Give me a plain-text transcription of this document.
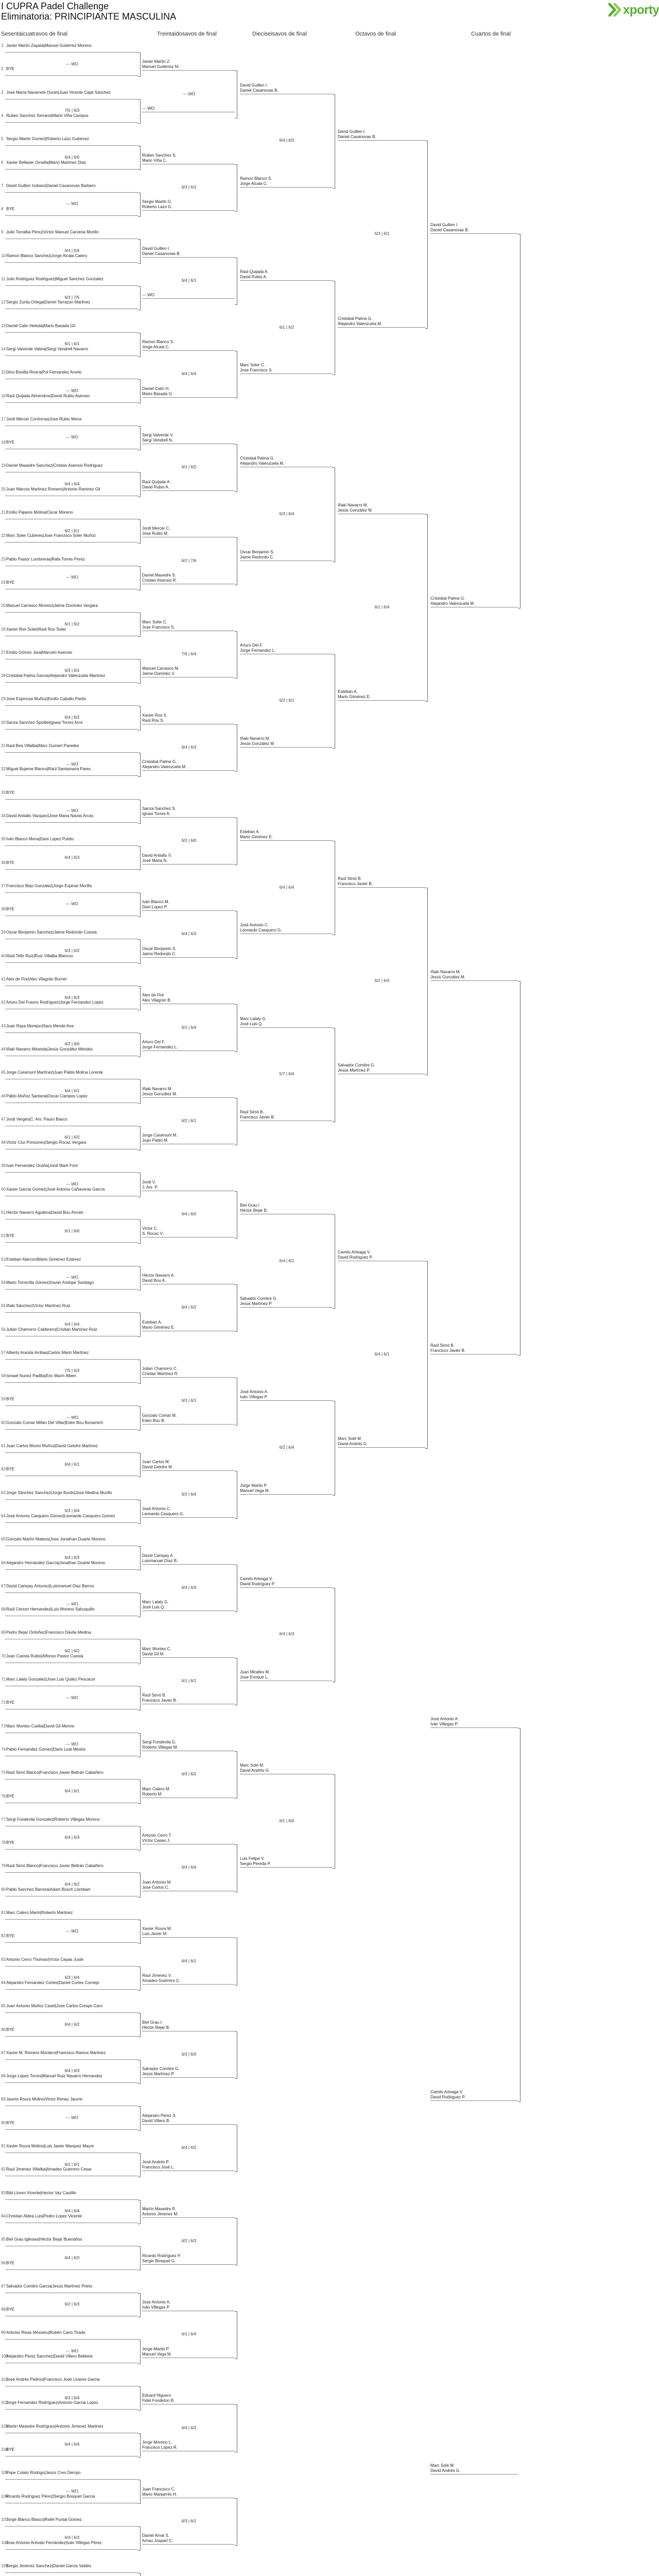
I CUPRA Padel Challenge
Eliminatoria: PRINCIPIANTE MASCULINA	xporty
Sesentaicuatravos de final	Treintaidosavos de final	Dieciseisavos de final	Octavos de final	Cuartos de final
1 Javier Martin Zapata|Manuel Gutiérrez Moreno
2 BYE
3 Jose María Navarrete Durán|Juan Vicente Cajal Sánchez
4 Ruben Sanchez Serrano|Mario Viña Campos
5 Sergio Martin Gomez|Roberto Lazo Gutierrez
6 Xavier Bellaser Ornella|Mario Martinez Diaz
7 David Guillen Indiano|Daniel Casanovas Barbero
8 BYE
9 Julio Torralba Pérez|Victor Manuel Carvena Morillo
10 Ramon Blanco Sanchez|Jorge Alcala Calero
11 Julio Rodriguez Rodriguez|Miguel Sanchez Gonzalez
12 Sergio Zurita Ortega|Daniel Tarrazon Martinez
13 Daniel Calin Heleda|Mario Basada Gil
14 Sergi Valverde Valera|Sergi Vendrell Navarro
15 Dino Bonilla Rivera|Pol Fernandez Arvelo
16 Raúl Quijada Almendros|David Rubio Asensio
17 Jordi Mercer Contreras|Jose Rubio Mena
18 BYE
19 Daniel Masedre Sanchez|Cristian Asensio Rodriguez
20 Juan Marcos Martinez Romero|Antonio Ramirez Gil
21 Emilio Pajares Molina|Oscar Moreno
22 Marc Soler Cuberes|Jose Francisco Soler Muñoz
23 Pablo Pastor Lumbreras|Rafa Torres Perez
24 BYE
25 Manuel Carrasco Moreno|Jaime Dominko Vergara
26 Xavier Ros Solar|Raúl Ros Solar
27 Emilio Gómez Jara|Marcelo Asensio
28 Cristobal Palma Garcia|Alejandro Valenzuela Martinez
29 Jose Espinosa Muñoz|Emilio Caballo Pardo
30 Sanza Sanchez Spoilte|Ignasi Torres Arce
31 Raúl Bea Villalba|Marc Gumert Paredes
32 Miguel Bujeme Blanco|Raúl Santamaria Pares
33 BYE
34 David Antiallo Vazquez|Jose Maria Navas Arcas
35 Iván Blanco Mena|Dani Lopez Pulido
36 BYE
37 Francisco Bejo Gonzalez|Jorge Espinar Morilla
38 BYE
39 Oscar Benjamin Sanchez|Jaime Redondo Cuesta
40 Raúl Tello Ruiz|Ruiz Villalba Blancos
41 Alex de Flor|Alex Vilagrán Burriel
42 Arturo Del Frasno Rodríguez|Jorge Fernandez Lopez
43 Juan Raya Morejon|Sara Mende Ana
44 Iñaki Navarro Miranda|Jesús González Méndez
45 Jorge Caramunt Martínez|Juan Pablo Molina Lorente
46 Pablo Muñoz Santana|Oscar Campos Lopez
47 Jordi Vergés|C. Anr. Pauro Basco
48 Victor Ciur Ponsones|Sergio Rocaz Vergara
49 Ivan Fernandez Ocaña|Jordi Marti Font
50 Xavier Garcia Gomez|José Antonio Cañaveras García
51 Héctor Navarro Aguilera|David Bou Arnoto
52 BYE
53 Esteban Alarcon|Mario Giménez Estevez
54 Mario Torrecilla Gómez|Xavier Andújar Santiago
55 Iñaki Sánchez|Víctor Martínez Ruiz
56 Julian Chamorro Calderero|Cristian Martínez Ruiz
57 Alberto Aranda Arribas|Carlos Marin Martinez
58 Ismael Nunez Padilla|Eric Marín Alben
59 BYE
60 Gonzalo Comar Millan Del Villar|Eden Bou Bonamich
61 Juan Carlos Moreo Muñoz|David Gelofre Martínez
62 BYE
63 Jorge Sánchez Sanchez|Jorge Burdo|Jose Medina Murillo
64 José Antonio Casquero Gómez|Leonardo Casquero Gomez
65 Gonzalo Martín Mateos|Jose Jonathan Duarte Moreno
66 Alejandro Hernández García|Jonathan Duarte Moreno
67 David Campay Antunez|Luismanuel Diaz Barros
68 Raúl Cerezo Hernandez|Luis Moreno Sahuquillo
69 Pedro Bejar Ordoñez|Francisco Dávila Medina
70 Juan Cuesta Rubio|Alfonso Pastor Cuesta
71 Marc Lalaly Gonzalez|Jose Luis Quilez Pescacol
72 BYE
73 Marc Montes Cuella|David Gil Merino
74 Pablo Fernandez Gomez|Dario Leal Mestre
75 Raúl Simó Blanco|Francisco Javier Beltrán Cabañero
76 BYE
77 Sergi Fondevila Gonzalez|Roberto Villegas Moreno
78 BYE
79 Raúl Simó Blanco|Francisco Javier Beltrán Cabañero
80 Pablo Sanchez Barrera|Adam Bosch Llombart
81 Marc Calero Marin|Roberto Martinez
82 BYE
83 Antonio Cerro Thomas|Víctor Cepas Juste
84 Alejandro Fernandez Cortes|Daniel Cortes Cornejo
85 Juan Antonio Muñoz Casel|Jose Carlos Crespo Caro
86 BYE
87 Xavier M. Romero Montero|Francisco Ramos Martinez
88 Jorge López Torres|Manuel Ruiz Navarro Hernandez
89 Jaume Roura Molino|Victor Renau Jaume
90 BYE
91 Xavier Roura Molino|Luis Javier Marquez Mayor
92 Raul Jimenez Villalba|Amadeo Guerrero Cesar
93 Bibi Lloren Vicente|Hector Vaz Castillo
94 Christian Aldea Luis|Pedro Lopez Vicente
95 Biel Grau Iglesias|Héctor Bejar Buenaños
96 BYE
97 Salvador Comitre Garcia|Jesús Martínez Prieto
98 BYE
99 Antonio Rivas Messeru|Rubén Cano Tirado
100
Alejandro Perez Sanchez|David Villero Belleirei
101
José Andrés Pedros|Francisco José Linares Garcia
102
Jorge Fernandez Rodríguez|Antonio Garcia Lopez
103
Martin Masedre Rodríguez|Antonio Jimenez Martinez
104
BYE
105
Pepe Colato Rodrigo|Jesús Cres Dempo
106
Ricardo Rodríguez Pérez|Sergio Bosquet Garcia
107
Jorge Blanco Blasco|Rafel Puntal Gomez
108
Jose Antonio Arévalo Fernández|Iván Villegas Pérez
109
Sergio Jiménez Sanchez|Daniel Garcia Valdés
--- WO
7/5 | 6/3
6/4 | 6/0
--- WO
6/4 | 6/4
6/3 | 7/5
6/1 | 6/1
--- WO
--- WO
6/4 | 6/4
6/2 | 6/1
--- WO
6/1 | 6/2
6/3 | 6/1
6/4 | 6/2
--- WO
--- WO
6/4 | 6/3
--- WO
6/3 | 6/2
6/4 | 6/3
6/2 | 6/0
6/4 | 6/1
6/1 | 6/3
--- WO
6/1 | 6/0
--- WO
6/4 | 6/4
7/5 | 6/3
--- WO
6/4 | 6/1
6/3 | 6/4
6/4 | 6/3
--- WO
6/2 | 6/2
--- WO
--- WO
6/4 | 6/1
6/4 | 6/3
6/4 | 6/2
--- WO
6/3 | 6/4
6/4 | 6/2
6/4 | 6/3
--- WO
6/1 | 6/1
6/4 | 6/4
6/4 | 6/3
6/2 | 6/3
--- WO
6/3 | 6/4
6/4 | 6/4
--- WO
6/4 | 6/3
Javier Martin Z.
Manuel Gutiérrez M.
--- WO
Ruben Sanchez S.
Mario Viña C.
Sergio Martin G.
Roberto Lazo G.
David Guillen I.
Daniel Casanovas B.
--- WO
Ramon Blanco S.
Jorge Alcala C.
Daniel Calin H.
Mario Basada G.
Sergi Valverde V.
Sergi Vendrell N.
Raúl Quijada A.
David Rubio A.
Jordi Mercer C.
Jose Rubio M.
Daniel Masedre S.
Cristian Asensio R.
Marc Soler C.
Jose Francisco S.
Manuel Carrasco M.
Jaime Dominko V.
Xavier Ros S.
Raúl Ros S.
Cristobal Palma G.
Alejandro Valenzuela M.
Sanza Sanchez S.
Ignasi Torres A.
David Antiallo V.
José Maria N.
Iván Blanco M.
Dani Lopez P.
Oscar Benjamin S.
Jaime Redondo C.
Alex de Flor
Alex Vilagrán B.
Arturo Del F.
Jorge Fernandez L.
Iñaki Navarro M.
Jesús González M.
Jorge Caramunt M.
Juan Pablo M.
Jordi V.
J. Anr. P.
Victor C.
S. Rocaz V.
Héctor Navarro A.
David Bou A.
Esteban A.
Mario Giménez E.
Julian Chamorro C.
Cristian Martínez R.
Gonzalo Comar M.
Eden Bou B.
Juan Carlos M.
David Gelofre M.
José Antonio C.
Leonardo Casquero G.
David Campay A.
Luismanuel Díaz B.
Marc Lalaly G.
José Luis Q.
Marc Montes C.
David Gil M.
Raúl Simó B.
Francisco Javier B.
Sergi Fondevila G.
Roberto Villegas M.
Marc Calero M.
Roberto M.
Antonio Cerro T.
Víctor Cepas J.
Juan Antonio M.
Jose Carlos C.
Xavier Roura M.
Luis Javier M.
Raul Jimenez V.
Amadeo Guerrero C.
Biel Grau I.
Héctor Bejar B.
Salvador Comitre G.
Jesús Martínez P.
Alejandro Perez S.
David Villero B.
José Andrés P.
Francisco José L.
Martín Masedre R.
Antonio Jimenez M.
Ricardo Rodríguez P.
Sergio Bosquet G.
Jose Antonio A.
Iván Villegas P.
Jorge Martin P.
Manuel Vega M.
Eduard Higuero
Fidel Fondeton B.
Jorge Moreno L.
Francisco López R.
Juan Francisco C.
Mario Manjarrés H.
Daniel Amat S.
Arnau Jospart C.
--- WO
6/3 | 6/1
6/4 | 6/1
6/4 | 6/4
6/1 | 6/2
6/2 | 7/6
7/6 | 6/4
6/4 | 6/3
6/2 | 6/0
6/4 | 6/3
6/1 | 6/4
6/2 | 6/1
6/4 | 6/0
6/4 | 6/2
6/3 | 6/1
6/2 | 6/4
6/4 | 6/3
6/1 | 6/1
6/3 | 6/2
6/4 | 6/4
6/4 | 6/1
6/3 | 6/0
6/4 | 6/2
6/2 | 6/3
6/1 | 6/4
6/4 | 6/2
6/3 | 6/1
David Guillen I.
Daniel Casanovas B.
Ramon Blanco S.
Jorge Alcala C.
Raúl Quijada A.
David Rubio A.
Marc Soler C.
Jose Francisco S.
Cristobal Palma G.
Alejandro Valenzuela M.
Oscar Benjamin S.
Jaime Redondo C.
Arturo Del F.
Jorge Fernandez L.
Iñaki Navarro M.
Jesús González M.
Esteban A.
Mario Giménez E.
José Antonio C.
Leonardo Casquero G.
Marc Lalaly G.
José Luis Q.
Raúl Simó B.
Francisco Javier B.
Biel Grau I.
Héctor Bejar B.
Salvador Comitre G.
Jesús Martínez P.
José Antonio A.
Iván Villegas P.
Jorge Martin P.
Manuel Vega M.
Camilo Arteaga V.
David Rodríguez P.
Juan Miralles M.
Jose Enrique L.
Marc Solé M.
David Andrés G.
Luis Felipe V.
Sergio Pereda P.
6/4 | 6/3
6/1 | 6/2
6/3 | 6/4
6/2 | 6/1
6/4 | 6/4
5/7 | 6/4
6/4 | 6/1
6/2 | 6/4
6/4 | 6/3
6/1 | 6/0
David Guillen I.
Daniel Casanovas B.
Cristobal Palma G.
Alejandro Valenzuela M.
Iñaki Navarro M.
Jesús González M.
Esteban A.
Mario Giménez E.
Raúl Simó B.
Francisco Javier B.
Salvador Comitre G.
Jesús Martínez P.
Camilo Arteaga V.
David Rodriguez P.
Marc Solé M.
David Andrés G.
6/3 | 6/1
6/1 | 6/4
6/2 | 6/4
6/4 | 6/1
David Guillen I.
Daniel Casanovas B.
Cristobal Palma G.
Alejandro Valenzuela M.
Iñaki Navarro M.
Jesús González M.
Raúl Simó B.
Francisco Javier B.
Jose Antonio A.
Iván Villegas P.
Camilo Arteaga V.
David Rodriguez P.
Marc Solé M.
David Andrés G.
